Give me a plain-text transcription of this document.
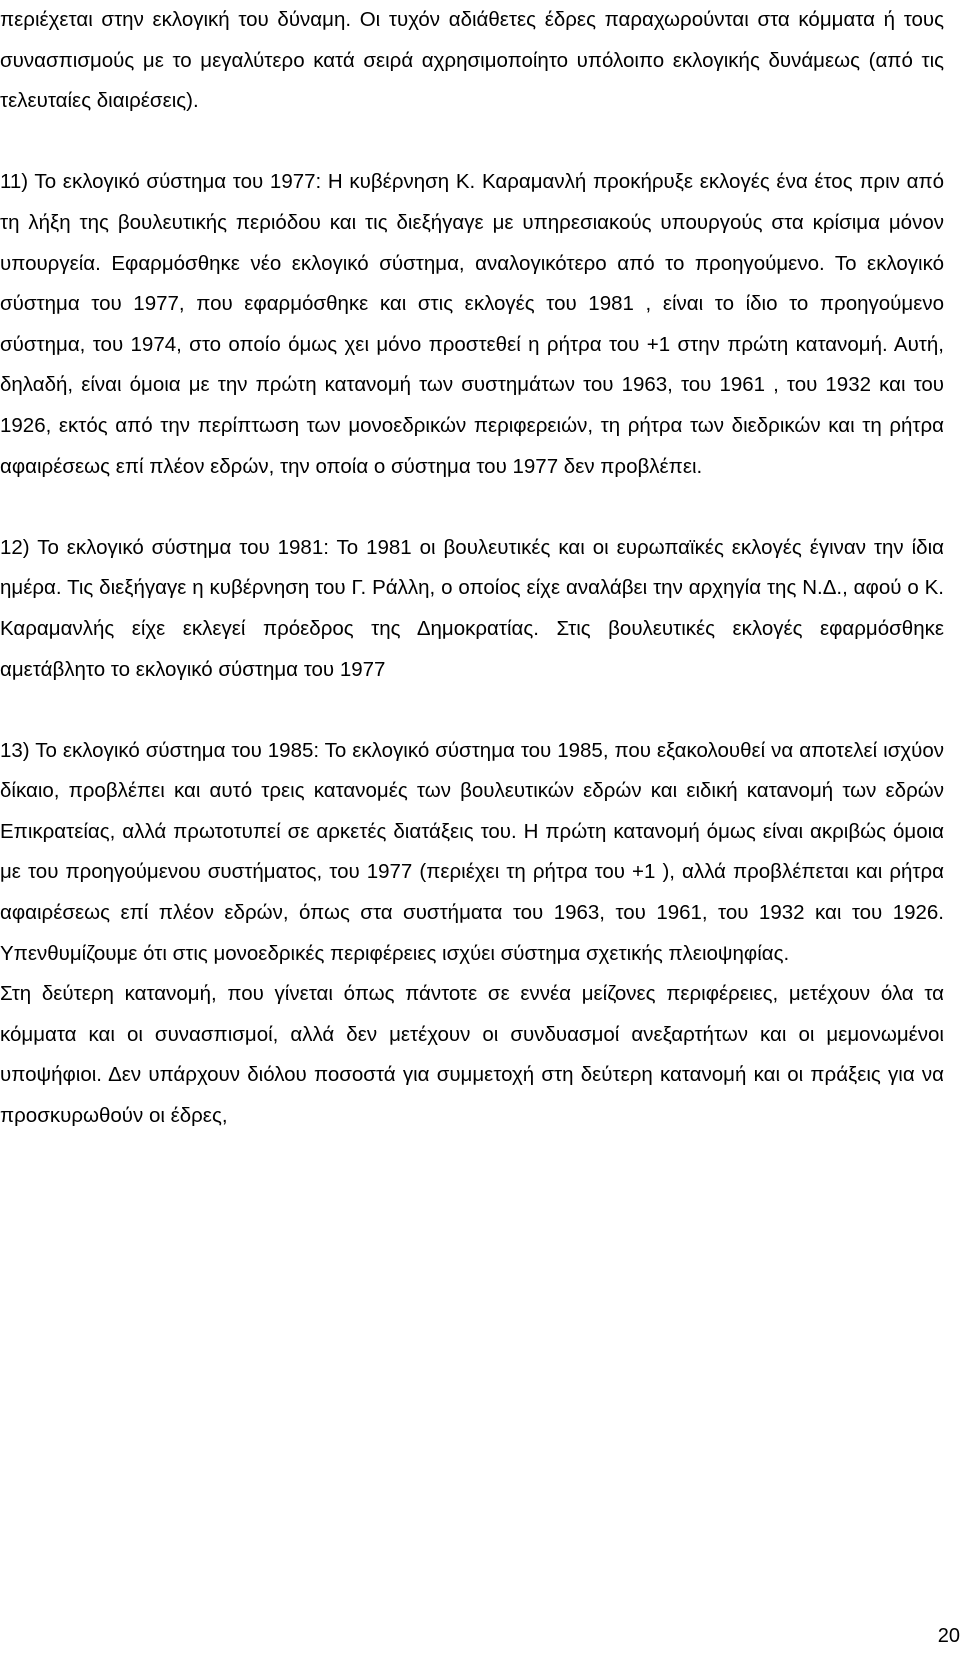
περιέχεται στην εκλογική του δύναμη. Οι τυχόν αδιάθετες έδρες παραχωρούνται στα κόμματα ή τους συνασπισμούς με το μεγαλύτερο κατά σειρά αχρησιμοποίητο υπόλοιπο εκλογικής δυνάμεως (από τις τελευταίες διαιρέσεις).

11) Το εκλογικό σύστημα του 1977: Η κυβέρνηση Κ. Καραμανλή προκήρυξε εκλογές ένα έτος πριν από τη λήξη της βουλευτικής περιόδου και τις διεξήγαγε με υπηρεσιακούς υπουργούς στα κρίσιμα μόνον υπουργεία. Εφαρμόσθηκε νέο εκλογικό σύστημα, αναλογικότερο από το προηγούμενο. Το εκλογικό σύστημα του 1977, που εφαρμόσθηκε και στις εκλογές του 1981 , είναι το ίδιο το προηγούμενο σύστημα, του 1974, στο οποίο όμως χει μόνο προστεθεί η ρήτρα του +1 στην πρώτη κατανομή. Αυτή, δηλαδή, είναι όμοια με την πρώτη κατανομή των συστημάτων του 1963, του 1961 , του 1932 και του 1926, εκτός από την περίπτωση των μονοεδρικών περιφερειών, τη ρήτρα των διεδρικών και τη ρήτρα αφαιρέσεως επί πλέον εδρών, την οποία ο σύστημα του 1977 δεν προβλέπει.

12) Το εκλογικό σύστημα του 1981: Το 1981 οι βουλευτικές και οι ευρωπαϊκές εκλογές έγιναν την ίδια ημέρα. Τις διεξήγαγε η κυβέρνηση του Γ. Ράλλη, ο οποίος είχε αναλάβει την αρχηγία της Ν.Δ., αφού ο Κ. Καραμανλής είχε εκλεγεί πρόεδρος της Δημοκρατίας. Στις βουλευτικές εκλογές εφαρμόσθηκε αμετάβλητο το εκλογικό σύστημα του 1977

13) Το εκλογικό σύστημα του 1985: Το εκλογικό σύστημα του 1985, που εξακολουθεί να αποτελεί ισχύον δίκαιο, προβλέπει και αυτό τρεις κατανομές των βουλευτικών εδρών και ειδική κατανομή των εδρών Επικρατείας, αλλά πρωτοτυπεί σε αρκετές διατάξεις του. Η πρώτη κατανομή όμως είναι ακριβώς όμοια με του προηγούμενου συστήματος, του 1977 (περιέχει τη ρήτρα του +1 ), αλλά προβλέπεται και ρήτρα αφαιρέσεως επί πλέον εδρών, όπως στα συστήματα του 1963, του 1961, του 1932 και του 1926. Υπενθυμίζουμε ότι στις μονοεδρικές περιφέρειες ισχύει σύστημα σχετικής πλειοψηφίας.

Στη δεύτερη κατανομή, που γίνεται όπως πάντοτε σε εννέα μείζονες περιφέρειες, μετέχουν όλα τα κόμματα και οι συνασπισμοί, αλλά δεν μετέχουν οι συνδυασμοί ανεξαρτήτων και οι μεμονωμένοι υποψήφιοι. Δεν υπάρχουν διόλου ποσοστά για συμμετοχή στη δεύτερη κατανομή και οι πράξεις για να προσκυρωθούν οι έδρες,

20
